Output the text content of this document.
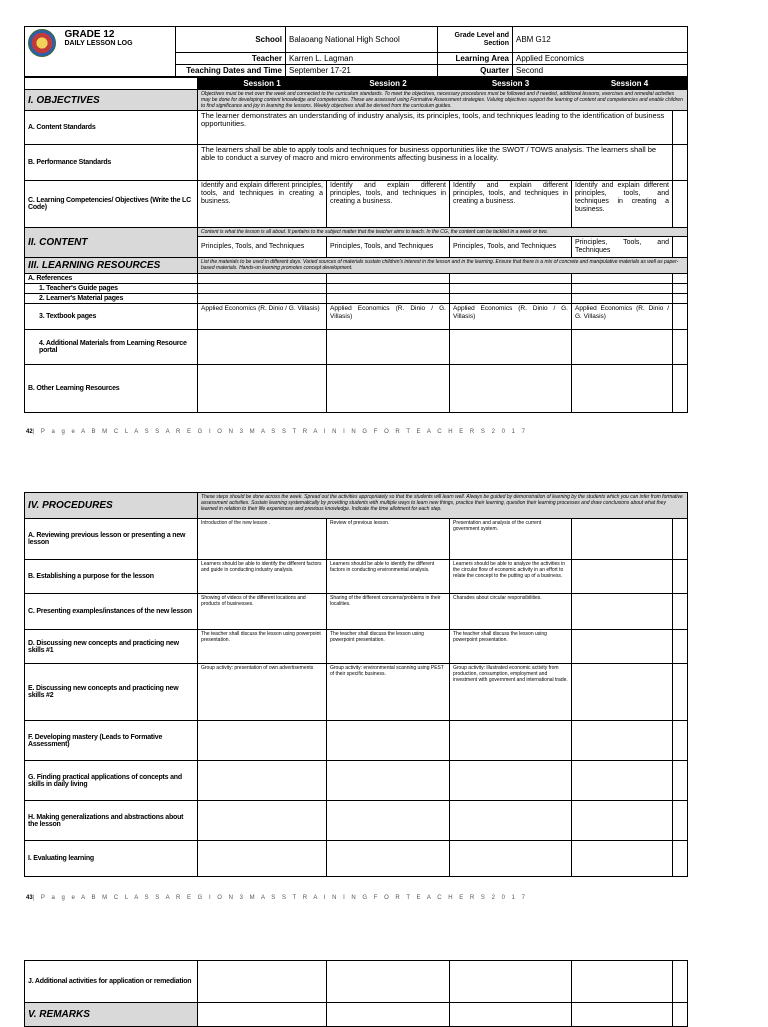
GRADE 12
DAILY LESSON LOG	School	Balaoang National High School	Grade Level and Section	ABM G12
	Teacher	Karren L. Lagman	Learning Area	Applied Economics
	Teaching Dates and Time	September 17-21	Quarter	Second
	Session 1	Session 2	Session 3	Session 4	
I. OBJECTIVES	Objectives must be met over the week and connected to the curriculum standards. To meet the objectives, necessary procedures must be followed and if needed, additional lessons, exercises and remedial activities may be done for developing content knowledge and competencies. These are assessed using Formative Assessment strategies. Valuing objectives support the learning of content and competencies and enable children to find significance and joy in learning the lessons. Weekly objectives shall be derived from the curriculum guides.				
A. Content Standards	The learner demonstrates an understanding of industry analysis, its principles, tools, and techniques leading to the identification of business opportunities.				
B. Performance Standards	The learners shall be able to apply tools and techniques for business opportunities like the SWOT / TOWS analysis. The learners shall be able to conduct a survey of macro and micro environments affecting business in a locality.				
C. Learning Competencies/ Objectives (Write the LC Code)	Identify and explain different principles, tools, and techniques in creating a business.	Identify and explain different principles, tools, and techniques in creating a business.	Identify and explain different principles, tools, and techniques in creating a business.	Identify and explain different principles, tools, and techniques in creating a business.	
II. CONTENT	Content is what the lesson is all about. It pertains to the subject matter that the teacher aims to teach. In the CG, the content can be tackled in a week or two.				
	Principles, Tools, and Techniques	Principles, Tools, and Techniques	Principles, Tools, and Techniques	Principles, Tools, and Techniques	
III. LEARNING RESOURCES	List the materials to be used in different days. Varied sources of materials sustain children's interest in the lesson and in the learning. Ensure that there is a mix of concrete and manipulative materials as well as paper-based materials. Hands-on learning promotes concept development.				
A. References					
1. Teacher's Guide pages					
2. Learner's Material pages					
3. Textbook pages	Applied Economics (R. Dinio / G. Villasis)	Applied Economics (R. Dinio / G. Villasis)	Applied Economics (R. Dinio / G. Villasis)	Applied Economics (R. Dinio / G. Villasis)	
4. Additional Materials from Learning Resource portal					
B. Other Learning Resources					
42| P a g e A B M C L A S S A R E G I O N 3 M A S S T R A I N I N G F O R T E A C H E R S 2 0 1 7
IV. PROCEDURES	These steps should be done across the week. Spread out the activities appropriately so that the students will learn well. Always be guided by demonstration of learning by the students which you can infer from formative assessment activities. Sustain learning systematically by providing students with multiple ways to learn new things, practice their learning, question their learning processes and draw conclusions about what they learned in relation to their life experiences and previous knowledge. Indicate the time allotment for each step.				
A. Reviewing previous lesson or presenting a new lesson	Introduction of the new lesson .	Review of previous lesson.	Presentation and analysis of the current government system.		
B. Establishing a purpose for the lesson	Learners should be able to identify the different factors and guide in conducting industry analysis.	Learners should be able to identify the different factors in conducting environmental analysis.	Learners should be able to analyze the activities in the circular flow of economic activity in an effort to relate the concept to the putting up of a business.		
C. Presenting examples/instances of the new lesson	Showing of videos of the different locations and products of businesses.	Sharing of the different concerns/problems in their localities.	Charades about circular responsibilities.		
D. Discussing new concepts and practicing new skills #1	The teacher shall discuss the lesson using powerpoint presentation.	The teacher shall discuss the lesson using powerpoint presentation.	The teacher shall discuss the lesson using powerpoint presentation.		
E. Discussing new concepts and practicing new skills #2	Group activity: presentation of own advertisements	Group activity: environmental scanning using PEST of their specific business.	Group activity: illustrated economic activity from production, consumption, employment and investment with government and international trade.		
F. Developing mastery (Leads to Formative Assessment)					
G. Finding practical applications of concepts and skills in daily living					
H. Making generalizations and abstractions about the lesson					
I. Evaluating learning					
43| P a g e A B M C L A S S A R E G I O N 3 M A S S T R A I N I N G F O R T E A C H E R S 2 0 1 7
J. Additional activities for application or remediation					
V. REMARKS					
